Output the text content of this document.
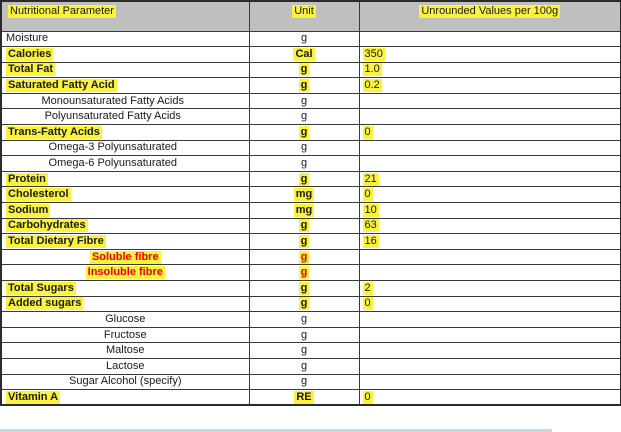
Nutritional Parameter	Unit	Unrounded Values per 100g
Moisture	g	
Calories	Cal	350
Total Fat	g	1.0
Saturated Fatty Acid	g	0.2
Monounsaturated Fatty Acids	g	
Polyunsaturated Fatty Acids	g	
Trans-Fatty Acids	g	0
Omega-3 Polyunsaturated	g	
Omega-6 Polyunsaturated	g	
Protein	g	21
Cholesterol	mg	0
Sodium	mg	10
Carbohydrates	g	63
Total Dietary Fibre	g	16
Soluble fibre	g	
Insoluble fibre	g	
Total Sugars	g	2
Added sugars	g	0
Glucose	g	
Fructose	g	
Maltose	g	
Lactose	g	
Sugar Alcohol (specify)	g	
Vitamin A	RE	0
